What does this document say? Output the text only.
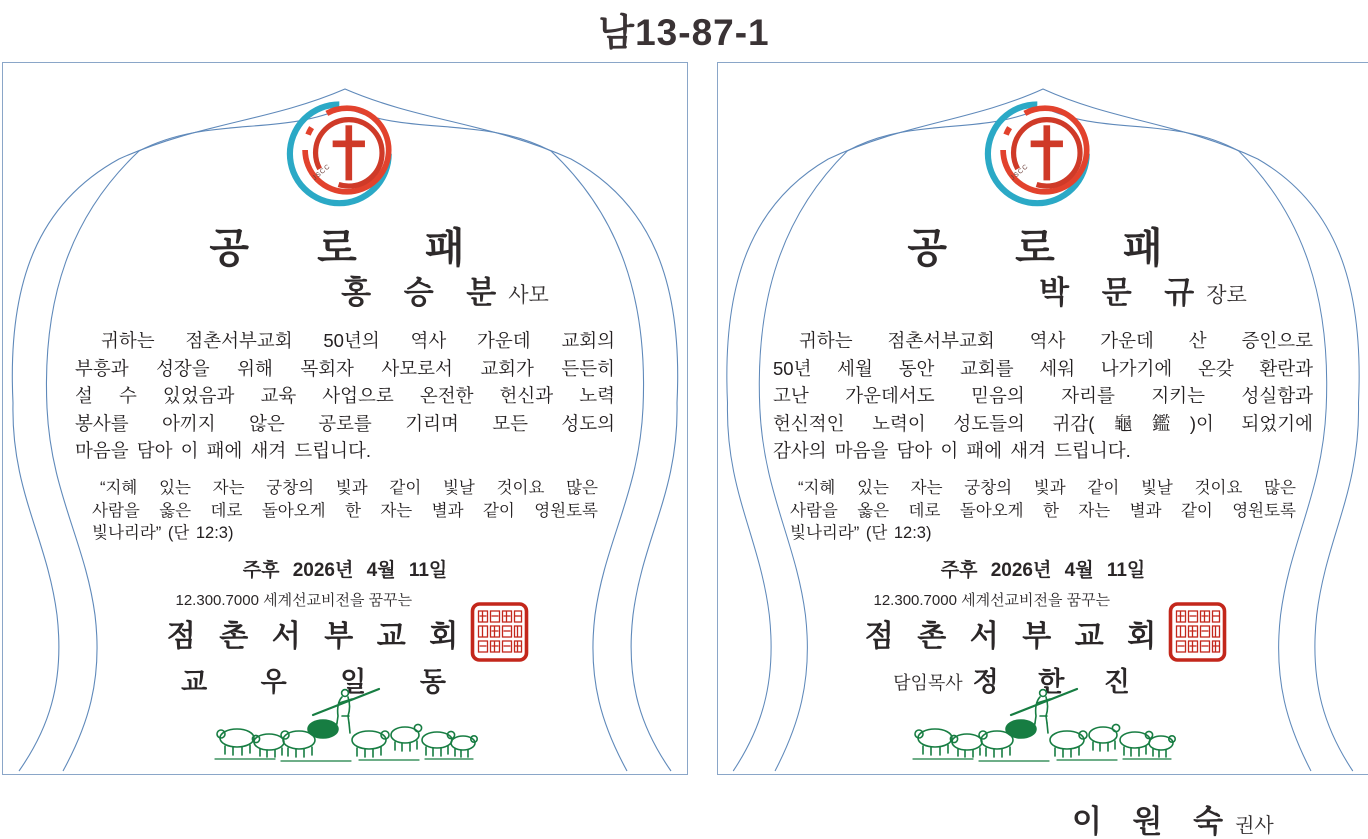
남13-87-1
JSCC
공 로 패
홍 승 분 사모
귀하는 점촌서부교회 50년의 역사 가운데 교회의
부흥과 성장을 위해 목회자 사모로서 교회가 든든히
설 수 있었음과 교육 사업으로 온전한 헌신과 노력
봉사를 아끼지 않은 공로를 기리며 모든 성도의
마음을 담아 이 패에 새겨 드립니다.
“지혜 있는 자는 궁창의 빛과 같이 빛날 것이요 많은
사람을 옳은 데로 돌아오게 한 자는 별과 같이 영원토록
빛나리라” (단 12:3)
주후 2026년 4월 11일
12.300.7000 세계선교비전을 꿈꾸는
점 촌 서 부 교 회
교 우 일 동
JSCC
공 로 패
박 문 규 장로
귀하는 점촌서부교회 역사 가운데 산 증인으로
50년 세월 동안 교회를 세워 나가기에 온갖 환란과
고난 가운데서도 믿음의 자리를 지키는 성실함과
헌신적인 노력이 성도들의 귀감(龜鑑)이 되었기에
감사의 마음을 담아 이 패에 새겨 드립니다.
“지혜 있는 자는 궁창의 빛과 같이 빛날 것이요 많은
사람을 옳은 데로 돌아오게 한 자는 별과 같이 영원토록
빛나리라” (단 12:3)
주후 2026년 4월 11일
12.300.7000 세계선교비전을 꿈꾸는
점 촌 서 부 교 회
담임목사 정 한 진
이 원 숙 권사
